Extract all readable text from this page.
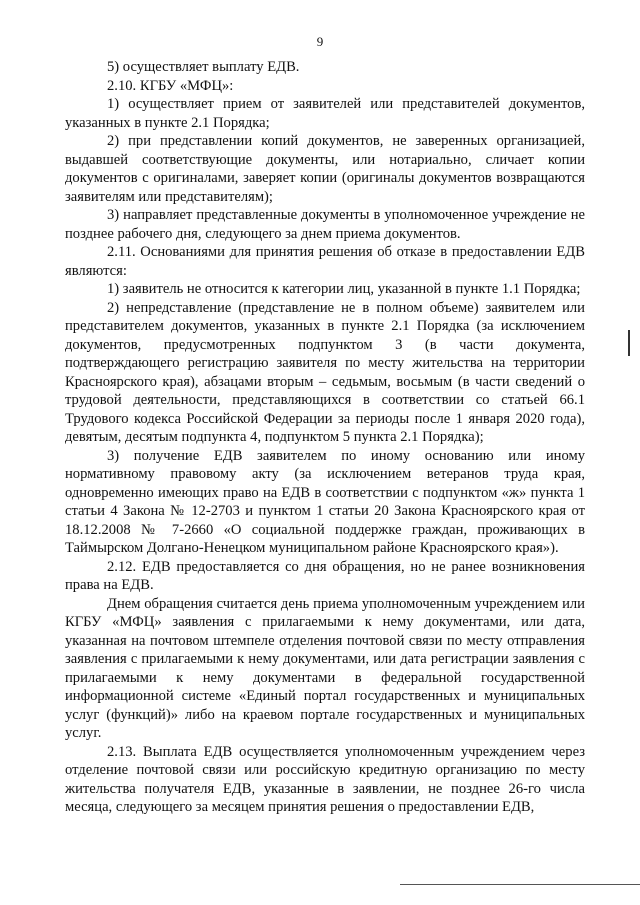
9

5) осуществляет выплату ЕДВ.

2.10. КГБУ «МФЦ»:

1) осуществляет прием от заявителей или представителей документов, указанных в пункте 2.1 Порядка;

2) при представлении копий документов, не заверенных организацией, выдавшей соответствующие документы, или нотариально, сличает копии документов с оригиналами, заверяет копии (оригиналы документов возвращаются заявителям или представителям);

3) направляет представленные документы в уполномоченное учреждение не позднее рабочего дня, следующего за днем приема документов.

2.11. Основаниями для принятия решения об отказе в предоставлении ЕДВ являются:

1) заявитель не относится к категории лиц, указанной в пункте 1.1 Порядка;

2) непредставление (представление не в полном объеме) заявителем или представителем документов, указанных в пункте 2.1 Порядка (за исключением документов, предусмотренных подпунктом 3 (в части документа, подтверждающего регистрацию заявителя по месту жительства на территории Красноярского края), абзацами вторым – седьмым, восьмым (в части сведений о трудовой деятельности, представляющихся в соответствии со статьей 66.1 Трудового кодекса Российской Федерации за периоды после 1 января 2020 года), девятым, десятым подпункта 4, подпунктом 5 пункта 2.1 Порядка);

3) получение ЕДВ заявителем по иному основанию или иному нормативному правовому акту (за исключением ветеранов труда края, одновременно имеющих право на ЕДВ в соответствии с подпунктом «ж» пункта 1 статьи 4 Закона № 12-2703 и пунктом 1 статьи 20 Закона Красноярского края от 18.12.2008 № 7-2660 «О социальной поддержке граждан, проживающих в Таймырском Долгано-Ненецком муниципальном районе Красноярского края»).

2.12. ЕДВ предоставляется со дня обращения, но не ранее возникновения права на ЕДВ.

Днем обращения считается день приема уполномоченным учреждением или КГБУ «МФЦ» заявления с прилагаемыми к нему документами, или дата, указанная на почтовом штемпеле отделения почтовой связи по месту отправления заявления с прилагаемыми к нему документами, или дата регистрации заявления с прилагаемыми к нему документами в федеральной государственной информационной системе «Единый портал государственных и муниципальных услуг (функций)» либо на краевом портале государственных и муниципальных услуг.

2.13. Выплата ЕДВ осуществляется уполномоченным учреждением через отделение почтовой связи или российскую кредитную организацию по месту жительства получателя ЕДВ, указанные в заявлении, не позднее 26-го числа месяца, следующего за месяцем принятия решения о предоставлении ЕДВ,
